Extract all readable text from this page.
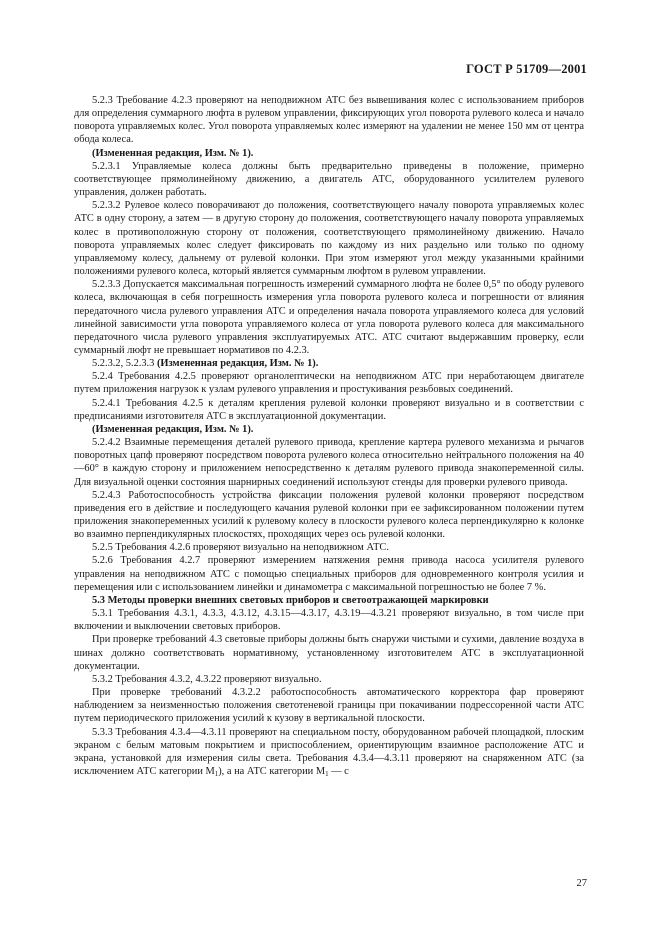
ГОСТ Р 51709—2001

5.2.3 Требование 4.2.3 проверяют на неподвижном АТС без вывешивания колес с использованием приборов для определения суммарного люфта в рулевом управлении, фиксирующих угол поворота рулевого колеса и начало поворота управляемых колес. Угол поворота управляемых колес измеряют на удалении не менее 150 мм от центра обода колеса.

(Измененная редакция, Изм. № 1).

5.2.3.1 Управляемые колеса должны быть предварительно приведены в положение, примерно соответствующее прямолинейному движению, а двигатель АТС, оборудованного усилителем рулевого управления, должен работать.

5.2.3.2 Рулевое колесо поворачивают до положения, соответствующего началу поворота управляемых колес АТС в одну сторону, а затем — в другую сторону до положения, соответствующего началу поворота управляемых колес в противоположную сторону от положения, соответствующего прямолинейному движению. Начало поворота управляемых колес следует фиксировать по каждому из них раздельно или только по одному управляемому колесу, дальнему от рулевой колонки. При этом измеряют угол между указанными крайними положениями рулевого колеса, который является суммарным люфтом в рулевом управлении.

5.2.3.3 Допускается максимальная погрешность измерений суммарного люфта не более 0,5° по ободу рулевого колеса, включающая в себя погрешность измерения угла поворота рулевого колеса и погрешности от влияния передаточного числа рулевого управления АТС и определения начала поворота управляемого колеса для условий линейной зависимости угла поворота управляемого колеса от угла поворота рулевого колеса для максимального передаточного числа рулевого управления эксплуатируемых АТС. АТС считают выдержавшим проверку, если суммарный люфт не превышает нормативов по 4.2.3.

5.2.3.2, 5.2.3.3 (Измененная редакция, Изм. № 1).

5.2.4 Требования 4.2.5 проверяют органолептически на неподвижном АТС при неработающем двигателе путем приложения нагрузок к узлам рулевого управления и простукивания резьбовых соединений.

5.2.4.1 Требования 4.2.5 к деталям крепления рулевой колонки проверяют визуально и в соответствии с предписаниями изготовителя АТС в эксплуатационной документации.

(Измененная редакция, Изм. № 1).

5.2.4.2 Взаимные перемещения деталей рулевого привода, крепление картера рулевого механизма и рычагов поворотных цапф проверяют посредством поворота рулевого колеса относительно нейтрального положения на 40—60° в каждую сторону и приложением непосредственно к деталям рулевого привода знакопеременной силы. Для визуальной оценки состояния шарнирных соединений используют стенды для проверки рулевого привода.

5.2.4.3 Работоспособность устройства фиксации положения рулевой колонки проверяют посредством приведения его в действие и последующего качания рулевой колонки при ее зафиксированном положении путем приложения знакопеременных усилий к рулевому колесу в плоскости рулевого колеса перпендикулярно к колонке во взаимно перпендикулярных плоскостях, проходящих через ось рулевой колонки.

5.2.5 Требования 4.2.6 проверяют визуально на неподвижном АТС.

5.2.6 Требования 4.2.7 проверяют измерением натяжения ремня привода насоса усилителя рулевого управления на неподвижном АТС с помощью специальных приборов для одновременного контроля усилия и перемещения или с использованием линейки и динамометра с максимальной погрешностью не более 7 %.

5.3 Методы проверки внешних световых приборов и светоотражающей маркировки

5.3.1 Требования 4.3.1, 4.3.3, 4.3.12, 4.3.15—4.3.17, 4.3.19—4.3.21 проверяют визуально, в том числе при включении и выключении световых приборов.

При проверке требований 4.3 световые приборы должны быть снаружи чистыми и сухими, давление воздуха в шинах должно соответствовать нормативному, установленному изготовителем АТС в эксплуатационной документации.

5.3.2 Требования 4.3.2, 4.3.22 проверяют визуально.

При проверке требований 4.3.2.2 работоспособность автоматического корректора фар проверяют наблюдением за неизменностью положения светотеневой границы при покачивании подрессоренной части АТС путем периодического приложения усилий к кузову в вертикальной плоскости.

5.3.3 Требования 4.3.4—4.3.11 проверяют на специальном посту, оборудованном рабочей площадкой, плоским экраном с белым матовым покрытием и приспособлением, ориентирующим взаимное расположение АТС и экрана, установкой для измерения силы света. Требования 4.3.4—4.3.11 проверяют на снаряженном АТС (за исключением АТС категории $М_1$), а на АТС категории $М_1$ — с

27
